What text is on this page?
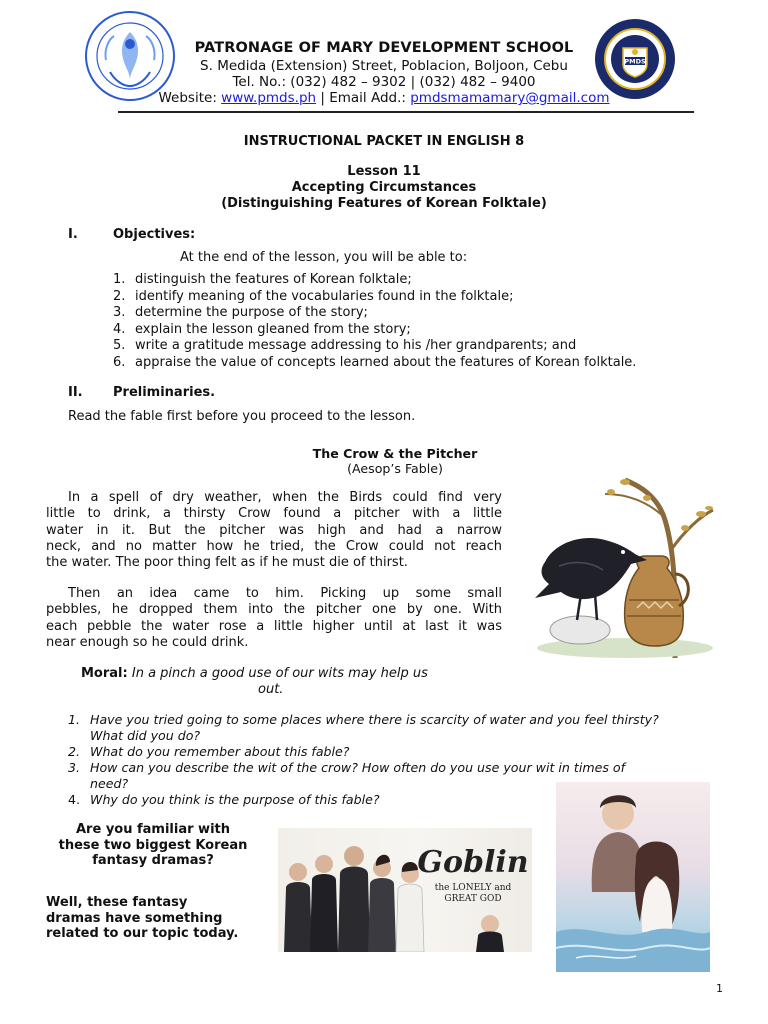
PMDS
PATRONAGE OF MARY DEVELOPMENT SCHOOL
S. Medida (Extension) Street, Poblacion, Boljoon, Cebu
Tel. No.: (032) 482 – 9302 | (032) 482 – 9400
Website: www.pmds.ph | Email Add.: pmdsmamamary@gmail.com
INSTRUCTIONAL PACKET IN ENGLISH 8
Lesson 11
Accepting Circumstances
(Distinguishing Features of Korean Folktale)
I.	Objectives:
At the end of the lesson, you will be able to:
1. distinguish the features of Korean folktale;
2. identify meaning of the vocabularies found in the folktale;
3. determine the purpose of the story;
4. explain the lesson gleaned from the story;
5. write a gratitude message addressing to his /her grandparents; and
6. appraise the value of concepts learned about the features of Korean folktale.
II. Preliminaries.
Read the fable first before you proceed to the lesson.
The Crow & the Pitcher
(Aesop’s Fable)
In a spell of dry weather, when the Birds could find very
little to drink, a thirsty Crow found a pitcher with a little
water in it. But the pitcher was high and had a narrow
neck, and no matter how he tried, the Crow could not reach
the water. The poor thing felt as if he must die of thirst.
Then an idea came to him. Picking up some small
pebbles, he dropped them into the pitcher one by one. With
each pebble the water rose a little higher until at last it was
near enough so he could drink.
Moral: In a pinch a good use of our wits may help us
out.
1. Have you tried going to some places where there is scarcity of water and you feel thirsty?
What did you do?
2. What do you remember about this fable?
3. How can you describe the wit of the crow? How often do you use your wit in times of
need?
4. Why do you think is the purpose of this fable?
Are you familiar with
these two biggest Korean
fantasy dramas?
Well, these fantasy
dramas have something
related to our topic today.
Goblin
the LONELY and
GREAT GOD
1
